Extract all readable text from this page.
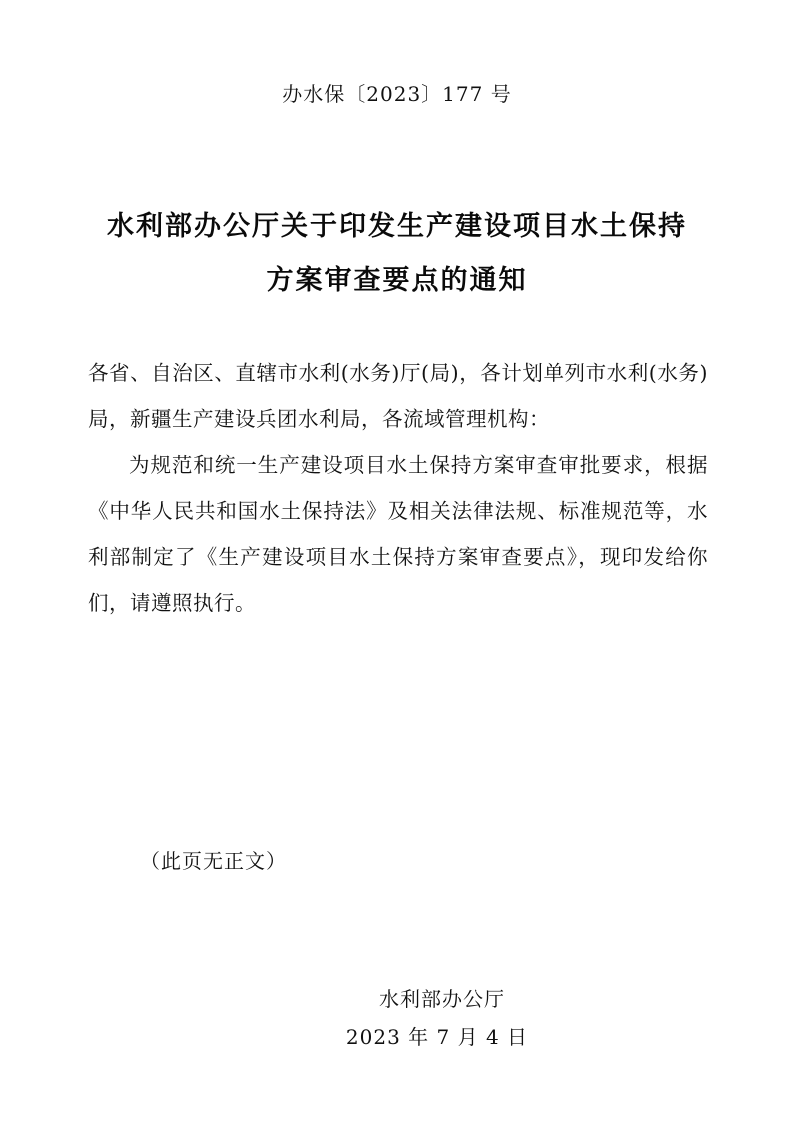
办水保〔2023〕177 号
水利部办公厅关于印发生产建设项目水土保持
方案审查要点的通知

各省、自治区、直辖市水利(水务)厅(局)，各计划单列市水利(水务)局，新疆生产建设兵团水利局，各流域管理机构：

为规范和统一生产建设项目水土保持方案审查审批要求，根据《中华人民共和国水土保持法》及相关法律法规、标准规范等，水利部制定了《生产建设项目水土保持方案审查要点》，现印发给你们，请遵照执行。

（此页无正文）
水利部办公厅
2023 年 7 月 4 日
